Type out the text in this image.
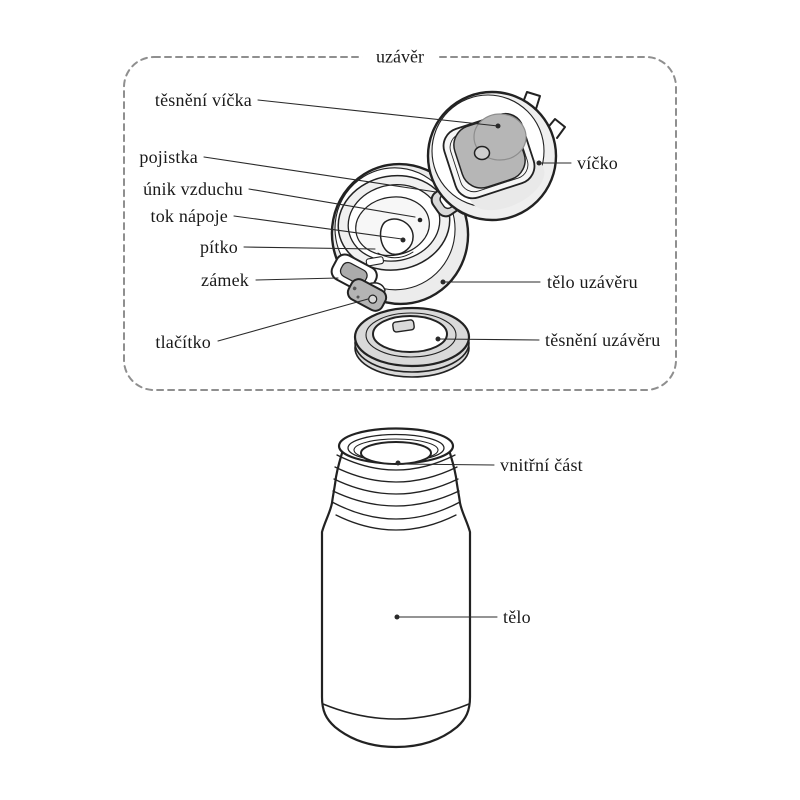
uzávěr
těsnění víčka
pojistka
únik vzduchu
tok nápoje
pítko
zámek
tlačítko
víčko
tělo uzávěru
těsnění uzávěru
vnitřní část
tělo
